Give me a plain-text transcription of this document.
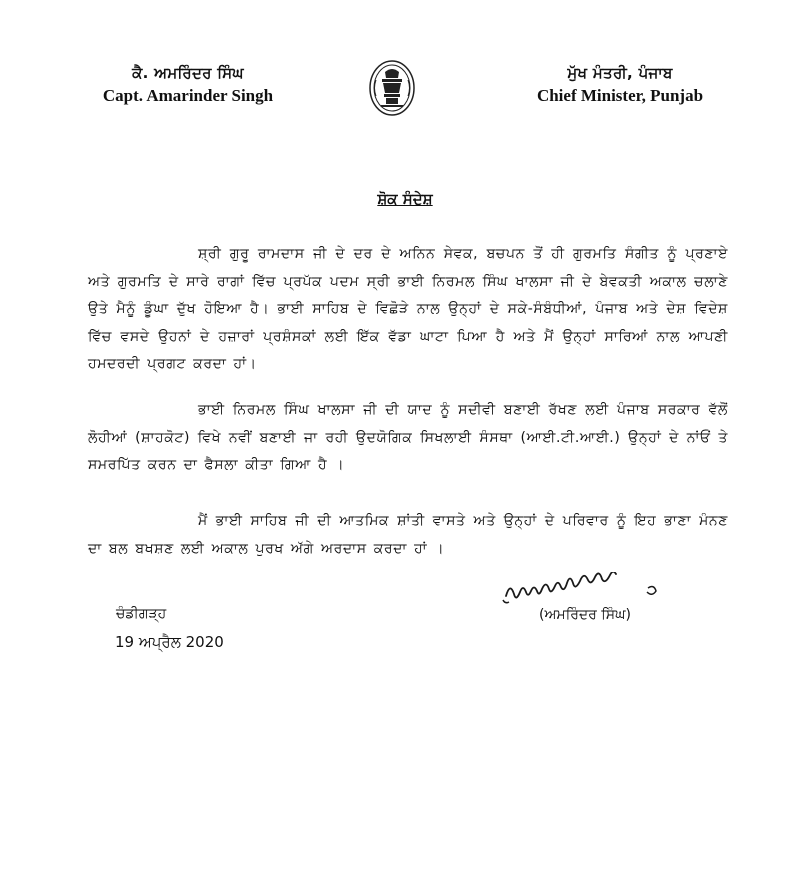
ਕੈ. ਅਮਰਿੰਦਰ ਸਿੰਘ
Capt. Amarinder Singh
ਮੁੱਖ ਮੰਤਰੀ, ਪੰਜਾਬ
Chief Minister, Punjab
ਸ਼ੋਕ ਸੰਦੇਸ਼
ਸ਼੍ਰੀ ਗੁਰੂ ਰਾਮਦਾਸ ਜੀ ਦੇ ਦਰ ਦੇ ਅਨਿਨ ਸੇਵਕ, ਬਚਪਨ ਤੋਂ ਹੀ ਗੁਰਮਤਿ ਸੰਗੀਤ ਨੂੰ ਪ੍ਰਣਾਏ ਅਤੇ ਗੁਰਮਤਿ ਦੇ ਸਾਰੇ ਰਾਗਾਂ ਵਿੱਚ ਪ੍ਰਪੱਕ ਪਦਮ ਸ੍ਰੀ ਭਾਈ ਨਿਰਮਲ ਸਿੰਘ ਖਾਲਸਾ ਜੀ ਦੇ ਬੇਵਕਤੀ ਅਕਾਲ ਚਲਾਣੇ ਉਤੇ ਮੈਨੂੰ ਡੂੰਘਾ ਦੁੱਖ ਹੋਇਆ ਹੈ। ਭਾਈ ਸਾਹਿਬ ਦੇ ਵਿਛੋੜੇ ਨਾਲ ਉਨ੍ਹਾਂ ਦੇ ਸਕੇ-ਸੰਬੰਧੀਆਂ, ਪੰਜਾਬ ਅਤੇ ਦੇਸ਼ ਵਿਦੇਸ਼ ਵਿੱਚ ਵਸਦੇ ਉਹਨਾਂ ਦੇ ਹਜ਼ਾਰਾਂ ਪ੍ਰਸ਼ੰਸਕਾਂ ਲਈ ਇੱਕ ਵੱਡਾ ਘਾਟਾ ਪਿਆ ਹੈ ਅਤੇ ਮੈਂ ਉਨ੍ਹਾਂ ਸਾਰਿਆਂ ਨਾਲ ਆਪਣੀ ਹਮਦਰਦੀ ਪ੍ਰਗਟ ਕਰਦਾ ਹਾਂ।
ਭਾਈ ਨਿਰਮਲ ਸਿੰਘ ਖਾਲਸਾ ਜੀ ਦੀ ਯਾਦ ਨੂੰ ਸਦੀਵੀ ਬਣਾਈ ਰੱਖਣ ਲਈ ਪੰਜਾਬ ਸਰਕਾਰ ਵੱਲੋਂ ਲੋਹੀਆਂ (ਸ਼ਾਹਕੋਟ) ਵਿਖੇ ਨਵੀਂ ਬਣਾਈ ਜਾ ਰਹੀ ਉਦਯੋਗਿਕ ਸਿਖਲਾਈ ਸੰਸਥਾ (ਆਈ.ਟੀ.ਆਈ.) ਉਨ੍ਹਾਂ ਦੇ ਨਾਂਓਂ ਤੇ ਸਮਰਪਿੱਤ ਕਰਨ ਦਾ ਫੈਸਲਾ ਕੀਤਾ ਗਿਆ ਹੈ ।
ਮੈਂ ਭਾਈ ਸਾਹਿਬ ਜੀ ਦੀ ਆਤਮਿਕ ਸ਼ਾਂਤੀ ਵਾਸਤੇ ਅਤੇ ਉਨ੍ਹਾਂ ਦੇ ਪਰਿਵਾਰ ਨੂੰ ਇਹ ਭਾਣਾ ਮੰਨਣ ਦਾ ਬਲ ਬਖਸ਼ਣ ਲਈ ਅਕਾਲ ਪੁਰਖ ਅੱਗੇ ਅਰਦਾਸ ਕਰਦਾ ਹਾਂ ।
(ਅਮਰਿੰਦਰ ਸਿੰਘ)
ਚੰਡੀਗੜ੍ਹ
19 ਅਪ੍ਰੈਲ 2020
